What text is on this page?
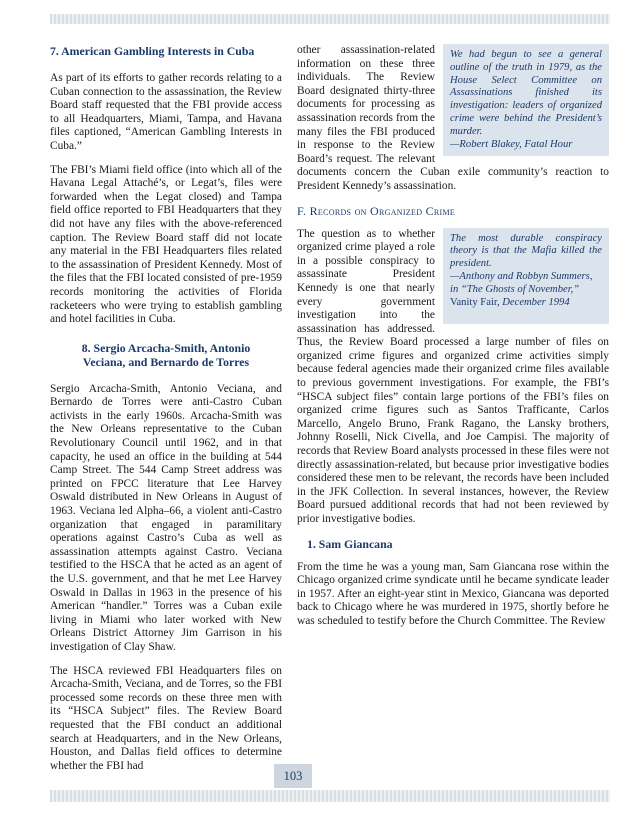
7. American Gambling Interests in Cuba

As part of its efforts to gather records relating to a Cuban connection to the assassination, the Review Board staff requested that the FBI provide access to all Headquarters, Miami, Tampa, and Havana files captioned, “American Gambling Interests in Cuba.”

The FBI’s Miami field office (into which all of the Havana Legal Attaché’s, or Legat’s, files were forwarded when the Legat closed) and Tampa field office reported to FBI Headquarters that they did not have any files with the above-referenced caption. The Review Board staff did not locate any material in the FBI Headquarters files related to the assassination of President Kennedy. Most of the files that the FBI located consisted of pre-1959 records monitoring the activities of Florida racketeers who were trying to establish gambling and hotel facilities in Cuba.

8. Sergio Arcacha-Smith, Antonio Veciana, and Bernardo de Torres

Sergio Arcacha-Smith, Antonio Veciana, and Bernardo de Torres were anti-Castro Cuban activists in the early 1960s. Arcacha-Smith was the New Orleans representative to the Cuban Revolutionary Council until 1962, and in that capacity, he used an office in the building at 544 Camp Street. The 544 Camp Street address was printed on FPCC literature that Lee Harvey Oswald distributed in New Orleans in August of 1963. Veciana led Alpha–66, a violent anti-Castro organization that engaged in paramilitary operations against Castro’s Cuba as well as assassination attempts against Castro. Veciana testified to the HSCA that he acted as an agent of the U.S. government, and that he met Lee Harvey Oswald in Dallas in 1963 in the presence of his American “handler.” Torres was a Cuban exile living in Miami who later worked with New Orleans District Attorney Jim Garrison in his investigation of Clay Shaw.

The HSCA reviewed FBI Headquarters files on Arcacha-Smith, Veciana, and de Torres, so the FBI processed some records on these three men with its “HSCA Subject” files. The Review Board requested that the FBI conduct an additional search at Headquarters, and in the New Orleans, Houston, and Dallas field offices to determine whether the FBI had

We had begun to see a general outline of the truth in 1979, as the House Select Committee on Assassinations finished its investigation: leaders of organized crime were behind the President’s murder.
—Robert Blakey, Fatal Hour

other assassination-related information on these three individuals. The Review Board designated thirty-three documents for processing as assassination records from the many files the FBI produced in response to the Review Board’s request. The relevant documents concern the Cuban exile community’s reaction to President Kennedy’s assassination.

F. Records on Organized Crime
The most durable conspiracy theory is that the Mafia killed the president.
—Anthony and Robbyn Summers, in “The Ghosts of November,” Vanity Fair, December 1994

The question as to whether organized crime played a role in a possible conspiracy to assassinate President Kennedy is one that nearly every government investigation into the assassination has addressed. Thus, the Review Board processed a large number of files on organized crime figures and organized crime activities simply because federal agencies made their organized crime files available to previous government investigations. For example, the FBI’s “HSCA subject files” contain large portions of the FBI’s files on organized crime figures such as Santos Trafficante, Carlos Marcello, Angelo Bruno, Frank Ragano, the Lansky brothers, Johnny Roselli, Nick Civella, and Joe Campisi. The majority of records that Review Board analysts processed in these files were not directly assassination-related, but because prior investigative bodies considered these men to be relevant, the records have been included in the JFK Collection. In several instances, however, the Review Board pursued additional records that had not been reviewed by prior investigative bodies.

1. Sam Giancana

From the time he was a young man, Sam Giancana rose within the Chicago organized crime syndicate until he became syndicate leader in 1957. After an eight-year stint in Mexico, Giancana was deported back to Chicago where he was murdered in 1975, shortly before he was scheduled to testify before the Church Committee. The Review

103
